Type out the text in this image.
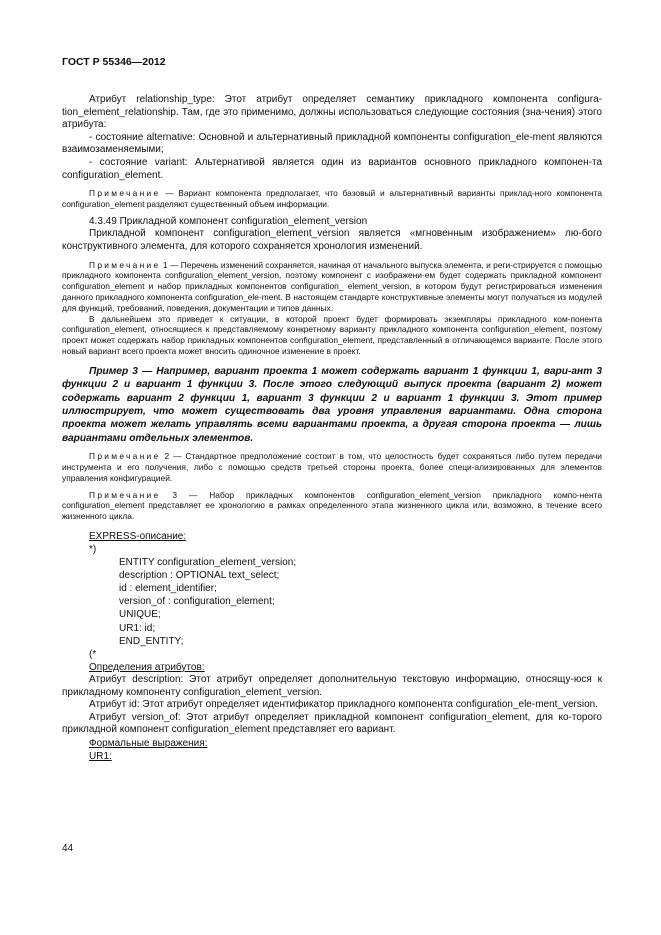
ГОСТ Р 55346—2012

Атрибут relationship_type: Этот атрибут определяет семантику прикладного компонента configura-tion_element_relationship. Там, где это применимо, должны использоваться следующие состояния (зна-чения) этого атрибута:

- состояние alternative: Основной и альтернативный прикладной компоненты configuration_ele-ment являются взаимозаменяемыми;

- состояние variant: Альтернативой является один из вариантов основного прикладного компонен-та configuration_element.

Примечание — Вариант компонента предполагает, что базовый и альтернативный варианты приклад-ного компонента configuration_element разделяют существенный объем информации.

4.3.49 Прикладной компонент configuration_element_version

Прикладной компонент configuration_element_version является «мгновенным изображением» лю-бого конструктивного элемента, для которого сохраняется хронология изменений.

Примечание 1 — Перечень изменений сохраняется, начиная от начального выпуска элемента, и реги-стрируется с помощью прикладного компонента configuration_element_version, поэтому компонент с изображени-ем будет содержать прикладной компонент configuration_element и набор прикладных компонентов configuration_ element_version, в котором будут регистрироваться изменения данного прикладного компонента configuration_ele-ment. В настоящем стандарте конструктивные элементы могут получаться из модулей для функций, требований, поведения, документации и типов данных.

В дальнейшем это приведет к ситуации, в которой проект будет формировать экземпляры прикладного ком-понента configuration_element, относящиеся к представляемому конкретному варианту прикладного компонента configuration_element, поэтому проект может содержать набор прикладных компонентов configuration_element, представленный в отличающемся варианте. После этого новый вариант всего проекта может вносить одиночное изменение в проект.

Пример 3 — Например, вариант проекта 1 может содержать вариант 1 функции 1, вари-ант 3 функции 2 и вариант 1 функции 3. После этого следующий выпуск проекта (вариант 2) может содержать вариант 2 функции 1, вариант 3 функции 2 и вариант 1 функции 3. Этот пример иллюстрирует, что может существовать два уровня управления вариантами. Одна сторона проекта может желать управлять всеми вариантами проекта, а другая сторона проекта — лишь вариантами отдельных элементов.

Примечание 2 — Стандартное предположение состоит в том, что целостность будет сохраняться либо путем передачи инструмента и его получения, либо с помощью средств третьей стороны проекта, более специ-ализированных для элементов управления конфигурацией.

Примечание 3 — Набор прикладных компонентов configuration_element_version прикладного компо-нента configuration_element представляет ее хронологию в рамках определенного этапа жизненного цикла или, возможно, в течение всего жизненного цикла.

EXPRESS-описание:
*)
ENTITY configuration_element_version;
description : OPTIONAL text_select;
id : element_identifier;
version_of : configuration_element;
UNIQUE;
UR1: id;
END_ENTITY;
(*
Определения атрибутов:

Атрибут description: Этот атрибут определяет дополнительную текстовую информацию, относящу-юся к прикладному компоненту configuration_element_version.

Атрибут id: Этот атрибут определяет идентификатор прикладного компонента configuration_ele-ment_version.

Атрибут version_of: Этот атрибут определяет прикладной компонент configuration_element, для ко-торого прикладной компонент configuration_element представляет его вариант.

Формальные выражения:
UR1:
44
